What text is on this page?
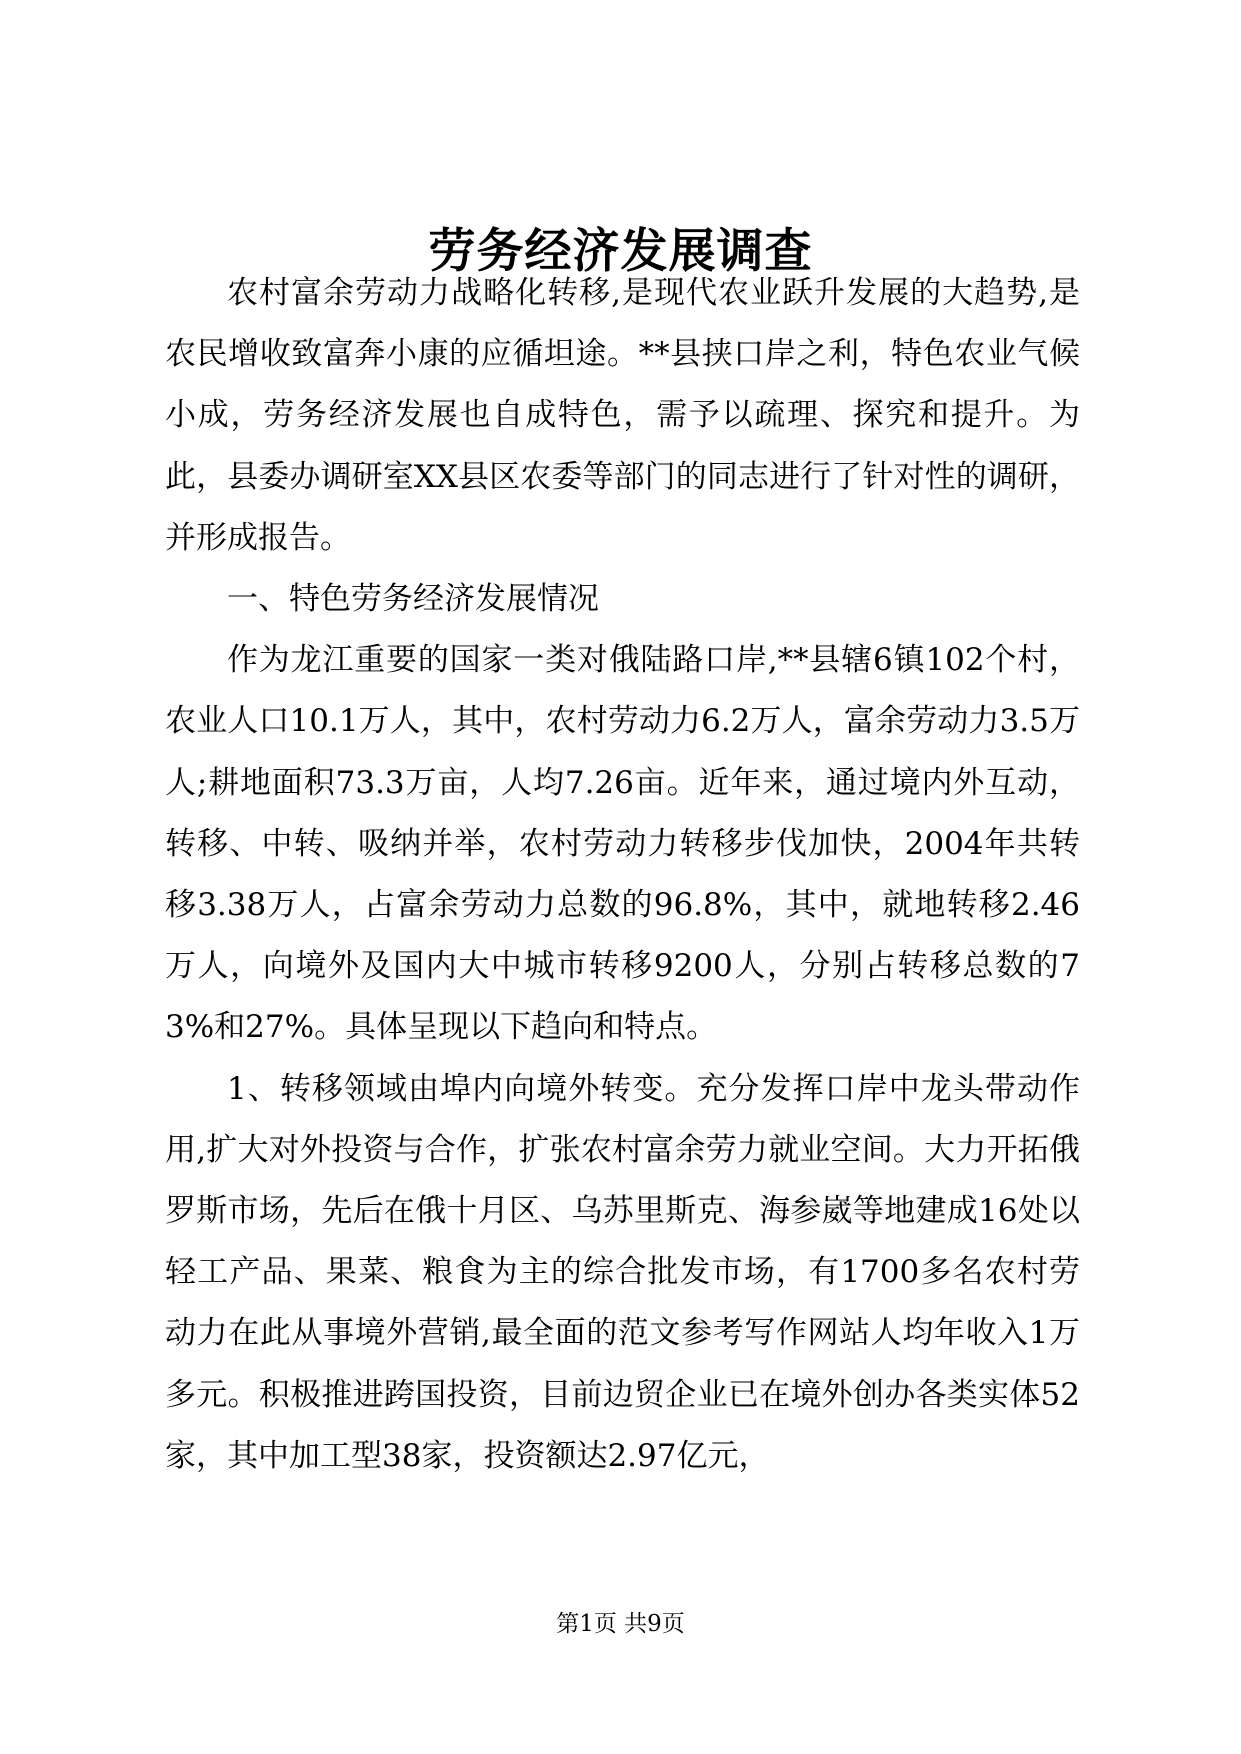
劳务经济发展调查

农村富余劳动力战略化转移,是现代农业跃升发展的大趋势,是农民增收致富奔小康的应循坦途。**县挟口岸之利，特色农业气候小成，劳务经济发展也自成特色，需予以疏理、探究和提升。为此，县委办调研室XX县区农委等部门的同志进行了针对性的调研，并形成报告。

一、特色劳务经济发展情况

作为龙江重要的国家一类对俄陆路口岸,**县辖6镇102个村，农业人口10.1万人，其中，农村劳动力6.2万人，富余劳动力3.5万人;耕地面积73.3万亩，人均7.26亩。近年来，通过境内外互动，转移、中转、吸纳并举，农村劳动力转移步伐加快，2004年共转移3.38万人，占富余劳动力总数的96.8%，其中，就地转移2.46万人，向境外及国内大中城市转移9200人，分别占转移总数的73%和27%。具体呈现以下趋向和特点。

1、转移领域由埠内向境外转变。充分发挥口岸中龙头带动作用,扩大对外投资与合作，扩张农村富余劳力就业空间。大力开拓俄罗斯市场，先后在俄十月区、乌苏里斯克、海参崴等地建成16处以轻工产品、果菜、粮食为主的综合批发市场，有1700多名农村劳动力在此从事境外营销,最全面的范文参考写作网站人均年收入1万多元。积极推进跨国投资，目前边贸企业已在境外创办各类实体52家，其中加工型38家，投资额达2.97亿元，

第1页 共9页
